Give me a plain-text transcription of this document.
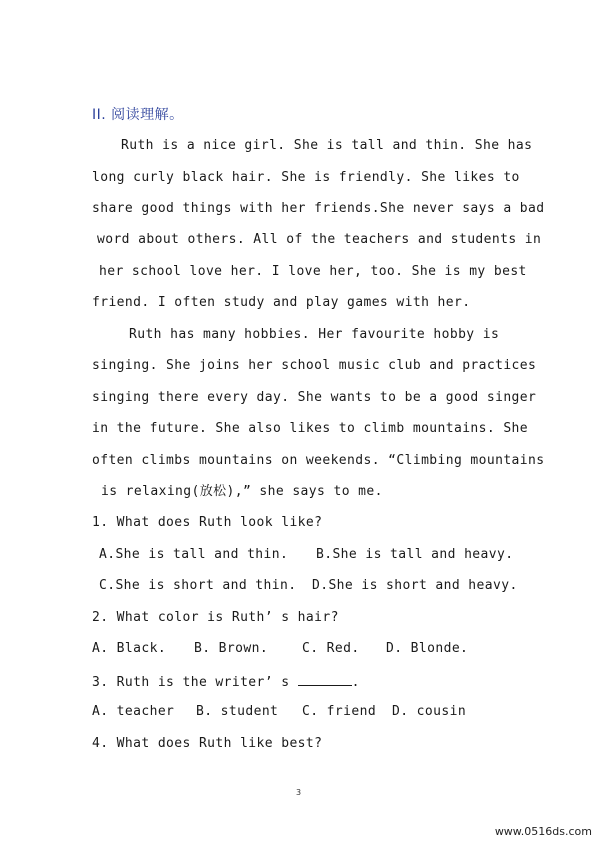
II. 阅读理解。
Ruth is a nice girl. She is tall and thin. She has
long curly black hair. She is friendly. She likes to
share good things with her friends.She never says a bad
word about others. All of the teachers and students in
her school love her. I love her, too. She is my best
friend. I often study and play games with her.
Ruth has many hobbies. Her favourite hobby is
singing. She joins her school music club and practices
singing there every day. She wants to be a good singer
in the future. She also likes to climb mountains. She
often climbs mountains on weekends. “Climbing mountains
is relaxing(放松),” she says to me.
1. What does Ruth look like?
A.She is tall and thin. B.She is tall and heavy.
C.She is short and thin. D.She is short and heavy.
2. What color is Ruth’ s hair?
A. Black. B. Brown.	C. Red. D. Blonde.
3. Ruth is the writer’ s	.
A. teacher B. student C. friend D. cousin
4. What does Ruth like best?
3
www.0516ds.com
